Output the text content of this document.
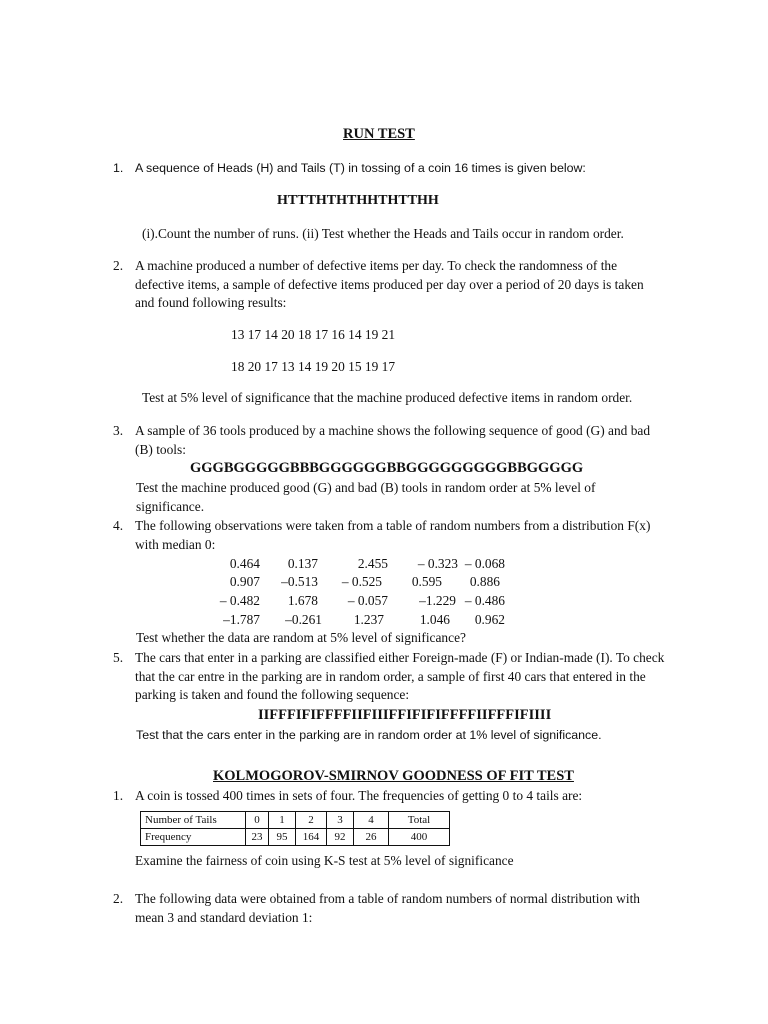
RUN TEST
1. A sequence of Heads (H) and Tails (T) in tossing of a coin 16 times is given below:
HTTTHTHTHHTHTTHH
(i).Count the number of runs. (ii) Test whether the Heads and Tails occur in random order.
2. A machine produced a number of defective items per day. To check the randomness of the defective items, a sample of defective items produced per day over a period of 20 days is taken and found following results:
13 17 14 20 18 17 16 14 19 21
18 20 17 13 14 19 20 15 19 17
Test at 5% level of significance that the machine produced defective items in random order.
3. A sample of 36 tools produced by a machine shows the following sequence of good (G) and bad (B) tools:
GGGBGGGGGBBBGGGGGGBBGGGGGGGGGBBGGGGG
Test the machine produced good (G) and bad (B) tools in random order at 5% level of significance.
4. The following observations were taken from a table of random numbers from a distribution F(x) with median 0:
0.464	0.137	2.455	– 0.323 – 0.068
0.907	–0.513	– 0.525	0.595	0.886
– 0.482	1.678	– 0.057	–1.229 – 0.486
–1.787	–0.261	1.237	1.046	0.962
Test whether the data are random at 5% level of significance?
5. The cars that enter in a parking are classified either Foreign-made (F) or Indian-made (I). To check that the car entre in the parking are in random order, a sample of first 40 cars that entered in the parking is taken and found the following sequence:
IIFFFIFIFFFFIIFIIIFFIFIFIFFFFIIFFFIFIIII
Test that the cars enter in the parking are in random order at 1% level of significance.
KOLMOGOROV-SMIRNOV GOODNESS OF FIT TEST
1. A coin is tossed 400 times in sets of four. The frequencies of getting 0 to 4 tails are:
Number of Tails	0	1	2	3	4	Total
Frequency	23	95	164	92	26	400
Examine the fairness of coin using K-S test at 5% level of significance
2. The following data were obtained from a table of random numbers of normal distribution with mean 3 and standard deviation 1:
